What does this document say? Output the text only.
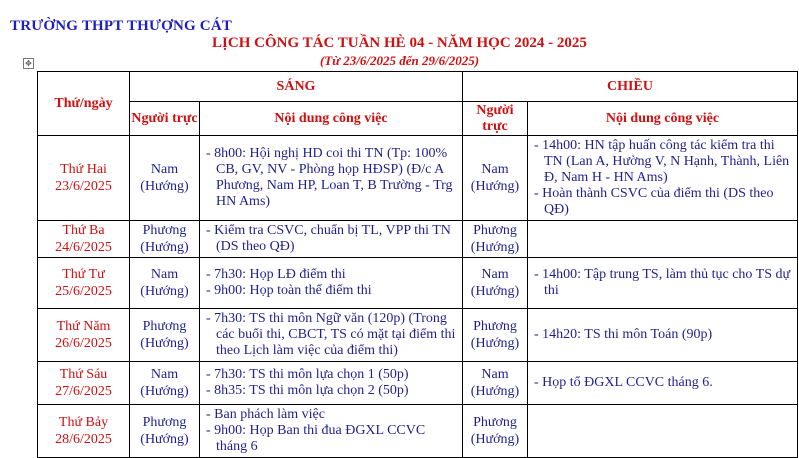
TRƯỜNG THPT THƯỢNG CÁT
LỊCH CÔNG TÁC TUẦN HÈ 04 - NĂM HỌC 2024 - 2025
(Từ 23/6/2025 đến 29/6/2025)
✥
Thứ/ngày	SÁNG		CHIỀU	
	Người trực	Nội dung công việc	Người trực	Nội dung công việc
Thứ Hai
23/6/2025	Nam (Hướng)	- 8h00: Hội nghị HD coi thi TN (Tp: 100% CB, GV, NV - Phòng họp HĐSP) (Đ/c A Phương, Nam HP, Loan T, B Trường - Trg HN Ams)	Nam (Hướng)	- 14h00: HN tập huấn công tác kiểm tra thi TN (Lan A, Hường V, N Hạnh, Thành, Liên Đ, Nam H - HN Ams)
- Hoàn thành CSVC của điểm thi (DS theo QĐ)

Thứ Ba
24/6/2025	Phương (Hướng)	- Kiểm tra CSVC, chuẩn bị TL, VPP thi TN (DS theo QĐ)	Phương (Hướng)	
Thứ Tư
25/6/2025	Nam (Hướng)	- 7h30: Họp LĐ điểm thi
- 9h00: Họp toàn thể điểm thi	Nam (Hướng)	- 14h00: Tập trung TS, làm thủ tục cho TS dự thi

Thứ Năm
26/6/2025	Phương (Hướng)	- 7h30: TS thi môn Ngữ văn (120p) (Trong các buổi thi, CBCT, TS có mặt tại điểm thi theo Lịch làm việc của điểm thi)	Phương (Hướng)	- 14h20: TS thi môn Toán (90p)

Thứ Sáu
27/6/2025	Nam (Hướng)	- 7h30: TS thi môn lựa chọn 1 (50p)
- 8h35: TS thi môn lựa chọn 2 (50p)	Nam (Hướng)	- Họp tổ ĐGXL CCVC tháng 6.

Thứ Bảy
28/6/2025	Phương (Hướng)	- Ban phách làm việc
- 9h00: Họp Ban thi đua ĐGXL CCVC tháng 6	Phương (Hướng)	
